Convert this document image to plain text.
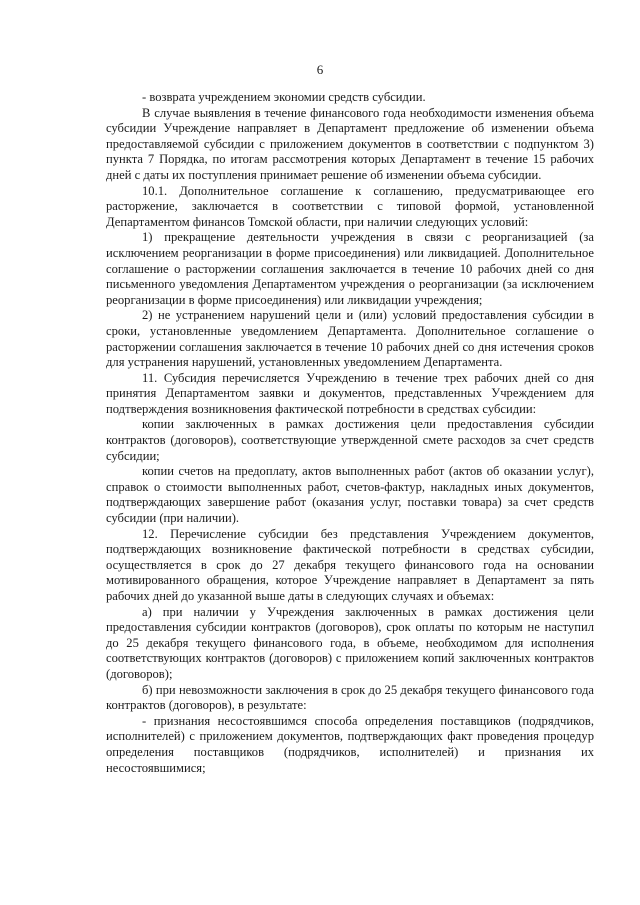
6

- возврата учреждением экономии средств субсидии.

В случае выявления в течение финансового года необходимости изменения объема субсидии Учреждение направляет в Департамент предложение об изменении объема предоставляемой субсидии с приложением документов в соответствии с подпунктом 3) пункта 7 Порядка, по итогам рассмотрения которых Департамент в течение 15 рабочих дней с даты их поступления принимает решение об изменении объема субсидии.

10.1. Дополнительное соглашение к соглашению, предусматривающее его расторжение, заключается в соответствии с типовой формой, установленной Департаментом финансов Томской области, при наличии следующих условий:

1) прекращение деятельности учреждения в связи с реорганизацией (за исключением реорганизации в форме присоединения) или ликвидацией. Дополнительное соглашение о расторжении соглашения заключается в течение 10 рабочих дней со дня письменного уведомления Департаментом учреждения о реорганизации (за исключением реорганизации в форме присоединения) или ликвидации учреждения;

2) не устранением нарушений цели и (или) условий предоставления субсидии в сроки, установленные уведомлением Департамента. Дополнительное соглашение о расторжении соглашения заключается в течение 10 рабочих дней со дня истечения сроков для устранения нарушений, установленных уведомлением Департамента.

11. Субсидия перечисляется Учреждению в течение трех рабочих дней со дня принятия Департаментом заявки и документов, представленных Учреждением для подтверждения возникновения фактической потребности в средствах субсидии:

копии заключенных в рамках достижения цели предоставления субсидии контрактов (договоров), соответствующие утвержденной смете расходов за счет средств субсидии;

копии счетов на предоплату, актов выполненных работ (актов об оказании услуг), справок о стоимости выполненных работ, счетов-фактур, накладных иных документов, подтверждающих завершение работ (оказания услуг, поставки товара) за счет средств субсидии (при наличии).

12. Перечисление субсидии без представления Учреждением документов, подтверждающих возникновение фактической потребности в средствах субсидии, осуществляется в срок до 27 декабря текущего финансового года на основании мотивированного обращения, которое Учреждение направляет в Департамент за пять рабочих дней до указанной выше даты в следующих случаях и объемах:

а) при наличии у Учреждения заключенных в рамках достижения цели предоставления субсидии контрактов (договоров), срок оплаты по которым не наступил до 25 декабря текущего финансового года, в объеме, необходимом для исполнения соответствующих контрактов (договоров) с приложением копий заключенных контрактов (договоров);

б) при невозможности заключения в срок до 25 декабря текущего финансового года контрактов (договоров), в результате:

- признания несостоявшимся способа определения поставщиков (подрядчиков, исполнителей) с приложением документов, подтверждающих факт проведения процедур определения поставщиков (подрядчиков, исполнителей) и признания их несостоявшимися;
